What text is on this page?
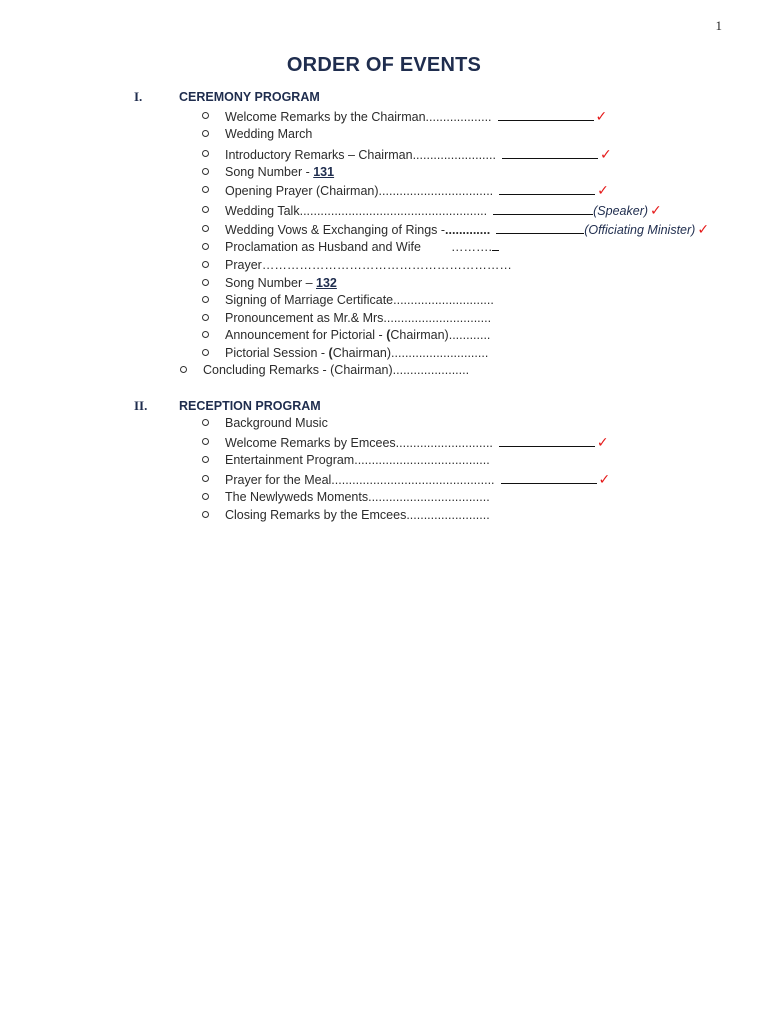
1
ORDER OF EVENTS
I.	CEREMONY PROGRAM
Welcome Remarks by the Chairman...................	✓
Wedding March
Introductory Remarks – Chairman........................	✓
Song Number - 131
Opening Prayer (Chairman).................................	✓
Wedding Talk......................................................	(Speaker) ✓
Wedding Vows & Exchanging of Rings -.............	(Officiating Minister) ✓
Proclamation as Husband and Wife ……….
Prayer……………………………………………………
Song Number – 132
Signing of Marriage Certificate.............................
Pronouncement as Mr.& Mrs...............................
Announcement for Pictorial - (Chairman)............
Pictorial Session - (Chairman)............................
Concluding Remarks - (Chairman)......................
II.	RECEPTION PROGRAM
Background Music
Welcome Remarks by Emcees............................	✓
Entertainment Program.......................................
Prayer for the Meal...............................................	✓
The Newlyweds Moments...................................
Closing Remarks by the Emcees........................
